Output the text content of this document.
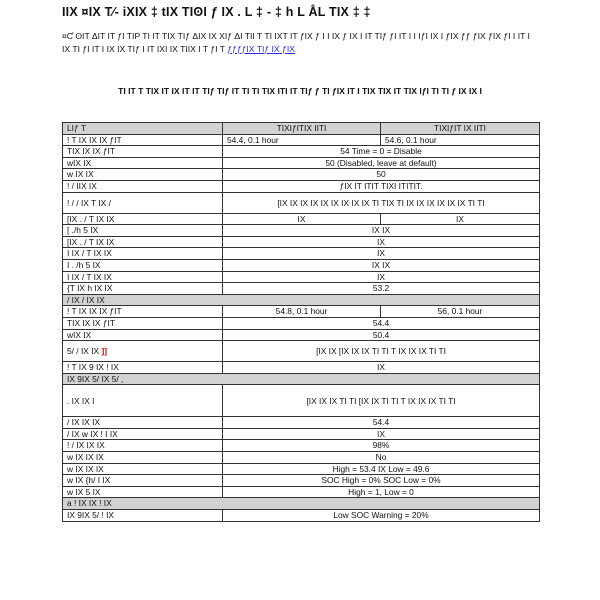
IIX ¤IX T⁄- iXIX ‡ tIX TIʘI ƒ IX . L ‡ - ‡ h L ÅL TIX ‡ ‡
¤Ƈ ʘΙT ΔΙΤ ΙΤ ƒΙ ΤΙΡ ΤΙ ΙΤ ΤΙΧ ΤIƒ ΔΙΧ ΙΧ ΧΙƒ ΔΙ ΤΙΙ Τ ΤΙ ΙΧΤ ΙΤ ƒΙΧ ƒ Ι Ι ΙΧ ƒ ΙΧ Ι ΙΤ ΤΙƒ ƒΙ ΙΤ Ι Ι ΙƒΙ ΙΧ Ι ƒΙΧ ƒƒ ƒΙΧ ƒΙΧ ƒΙ Ι ΙΤ Ι ΙΧ ΤΙ ƒΙ ΙΤ Ι ΙΧ ΙΧ ΤΙƒ Ι ΙΤ ΙΧΙ ΙΧ ΤΙΙΧ Ι Τ ƒΙ Τ ƒƒƒƒΙΧ ΤΙƒ ΙΧ ƒΙΧ
ΤΙ ΙΤ Τ ΤΙΧ ΙΤ ΙΧ ΙΤ ΙΤ ΤΙƒ ΤΙƒ ΙΤ ΤΙ ΤΙ ΤΙΧ ΙΤΙ ΙΤ ΤΙƒ ƒ ΤΙ ƒΙΧ ΙΤ Ι ΤΙΧ ΤΙΧ ΙΤ ΤΙΧ ΙƒΙ ΤΙ ΤΙ ƒ ΙΧ ΙΧ Ι
LIƒ Τ	ΤΙΧΙƒΙΤΙΧ ΙΙΤΙ	ΤΙΧΙƒΙΤ ΙΧ ΙΙΤΙ
! Τ ΙΧ ΙΧ ΙΧ ƒΙΤ	54.4, 0.1 hour	54.6, 0.1 hour
ΤΙΧ ΙΧ ΙΧ ƒΙΤ	54 Time = 0 = Disable	
wΙΧ ΙΧ	50 (Disabled, leave at default)	
w ΙΧ ΙΧ	50	
! / ΙΙΧ ΙΧ	ƒΙΧ ΙΤ ΙΤΙΤ ΤΙΧΙ ΙΤΙΤΙΤ.	
! / / ΙΧ Τ ΙΧ /	[ΙΧ ΙΧ ΙΧ ΙΧ ΙΧ ΙΧ ΙΧ ΙΧ ΙΧ ΤΙ ΤΙΧ ΤΙ ΙΧ ΙΧ ΙΧ ΙΧ ΙΧ ΙΧ ΤΙ ΤΙ	
[IX . / Τ ΙΧ ΙΧ	ΙΧ	ΙΧ
[ ./h 5 ΙΧ	ΙΧ ΙΧ	
[ΙΧ . / Τ ΙΧ ΙΧ	ΙΧ	
I ΙΧ / Τ ΙΧ ΙΧ	ΙΧ	
I . /h 5 ΙΧ	ΙΧ ΙΧ	
I ΙΧ / Τ ΙΧ ΙΧ	ΙΧ	
{Τ ΙΧ h ΙΧ ΙΧ	53.2	
/ ΙΧ / ΙΧ ΙΧ		
! Τ ΙΧ ΙΧ ΙΧ ƒΙΤ	54.8, 0.1 hour	56, 0.1 hour
ΤΙΧ ΙΧ ΙΧ ƒΙΤ	54.4	
wΙΧ ΙΧ	50.4	
5/ / ΙΧ ΙΧ ]]	[ΙΧ ΙΧ [ΙΧ ΙΧ ΙΧ ΤΙ ΤΙ Τ ΙΧ ΙΧ ΙΧ ΤΙ ΤΙ	
! Τ ΙΧ 9 ΙΧ ! ΙΧ	ΙΧ	
ΙΧ 9ΙΧ 5/ ΙΧ 5/ ,		
. ΙΧ ΙΧ Ι	[ΙΧ ΙΧ ΙΧ ΤΙ ΤΙ [ΙΧ ΙΧ ΤΙ ΤΙ Τ ΙΧ ΙΧ ΙΧ ΤΙ ΤΙ	
/ ΙΧ ΙΧ ΙΧ	54.4	
/ ΙΧ w ΙΧ ! Ι ΙΧ	ΙΧ	
! / ΙΧ ΙΧ ΙΧ	98%	
w ΙΧ ΙΧ ΙΧ	No	
w ΙΧ ΙΧ ΙΧ	High = 53.4 ΙΧ Low = 49.6	
w ΙΧ {h/ Ι ΙΧ	SOC High = 0% SOC Low = 0%	
w ΙΧ 5 ΙΧ	High = 1, Low = 0	
a ! ΙΧ ΙΧ ! ΙΧ		
ΙΧ 9ΙΧ 5/ ! ΙΧ	Low SOC Warning = 20%	
